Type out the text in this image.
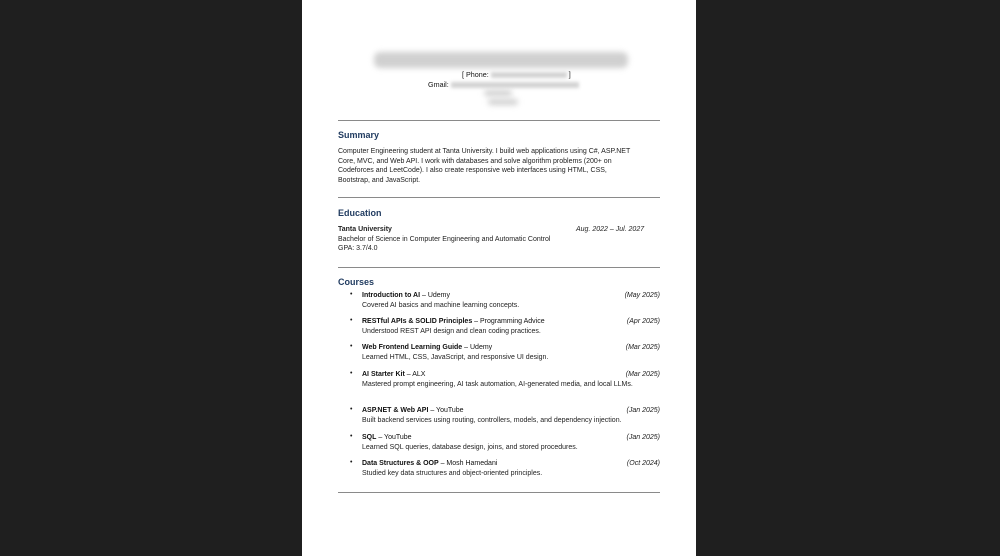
[ Phone:	]
Gmail:
Summary
Computer Engineering student at Tanta University. I build web applications using C#, ASP.NET Core, MVC, and Web API. I work with databases and solve algorithm problems (200+ on Codeforces and LeetCode). I also create responsive web interfaces using HTML, CSS, Bootstrap, and JavaScript.
Education
Tanta University	Aug. 2022 – Jul. 2027
Bachelor of Science in Computer Engineering and Automatic Control
GPA: 3.7/4.0
Courses
• Introduction to AI – Udemy	(May 2025)
Covered AI basics and machine learning concepts.
• RESTful APIs & SOLID Principles – Programming Advice	(Apr 2025)
Understood REST API design and clean coding practices.
• Web Frontend Learning Guide – Udemy	(Mar 2025)
Learned HTML, CSS, JavaScript, and responsive UI design.
• AI Starter Kit – ALX	(Mar 2025)
Mastered prompt engineering, AI task automation, AI-generated media, and local LLMs.
• ASP.NET & Web API – YouTube	(Jan 2025)
Built backend services using routing, controllers, models, and dependency injection.
• SQL – YouTube	(Jan 2025)
Learned SQL queries, database design, joins, and stored procedures.
• Data Structures & OOP – Mosh Hamedani	(Oct 2024)
Studied key data structures and object-oriented principles.
